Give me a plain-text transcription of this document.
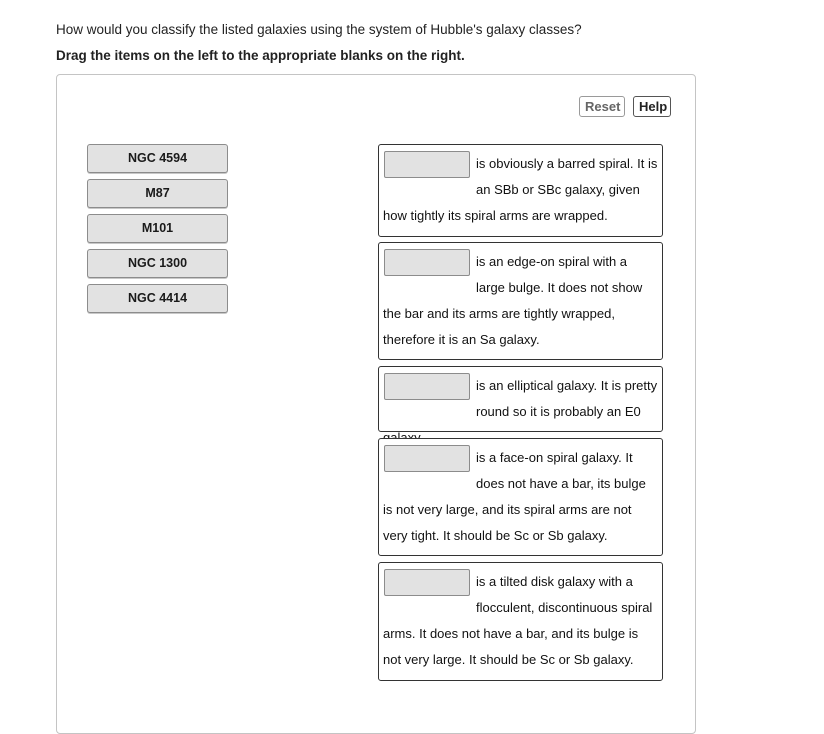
How would you classify the listed galaxies using the system of Hubble's galaxy classes?
Drag the items on the left to the appropriate blanks on the right.
Reset	Help
NGC 4594
M87
M101
NGC 1300
NGC 4414
is obviously a barred spiral. It is an SBb or SBc galaxy, given how tightly its spiral arms are wrapped.
is an edge-on spiral with a large bulge. It does not show the bar and its arms are tightly wrapped, therefore it is an Sa galaxy.
is an elliptical galaxy. It is pretty round so it is probably an E0
is a face-on spiral galaxy. It does not have a bar, its bulge is not very large, and its spiral arms are not very tight. It should be Sc or Sb galaxy.
is a tilted disk galaxy with a flocculent, discontinuous spiral arms. It does not have a bar, and its bulge is not very large. It should be Sc or Sb galaxy.
